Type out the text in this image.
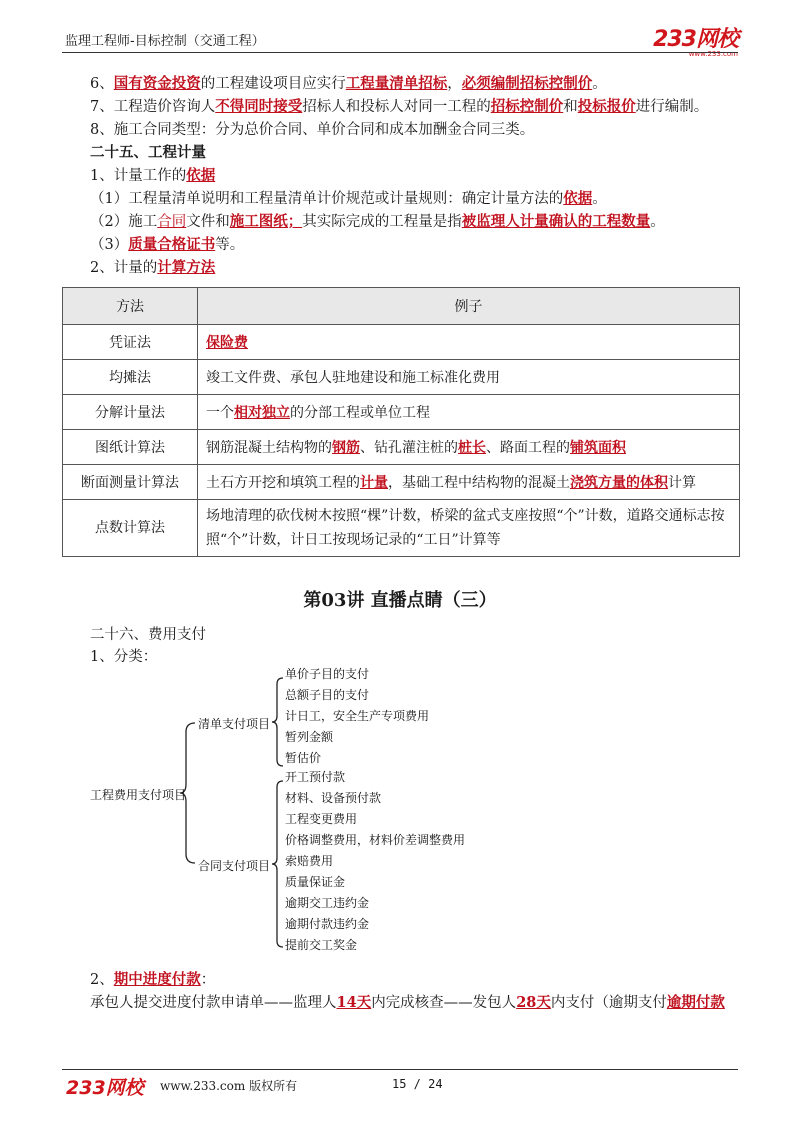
监理工程师-目标控制（交通工程）	233网校
www.233.com
6、国有资金投资的工程建设项目应实行工程量清单招标，必须编制招标控制价。
7、工程造价咨询人不得同时接受招标人和投标人对同一工程的招标控制价和投标报价进行编制。
8、施工合同类型：分为总价合同、单价合同和成本加酬金合同三类。
二十五、工程计量
1、计量工作的依据
（1）工程量清单说明和工程量清单计价规范或计量规则：确定计量方法的依据。
（2）施工合同文件和施工图纸；其实际完成的工程量是指被监理人计量确认的工程数量。
（3）质量合格证书等。
2、计量的计算方法
方法	例子
凭证法	保险费
均摊法	竣工文件费、承包人驻地建设和施工标准化费用
分解计量法	一个相对独立的分部工程或单位工程
图纸计算法	钢筋混凝土结构物的钢筋、钻孔灌注桩的桩长、路面工程的铺筑面积
断面测量计算法	土石方开挖和填筑工程的计量，基础工程中结构物的混凝土浇筑方量的体积计算
点数计算法	场地清理的砍伐树木按照“棵”计数，桥梁的盆式支座按照“个”计数，道路交通标志按照“个”计数，计日工按现场记录的“工日”计算等
第03讲 直播点睛（三）
二十六、费用支付
1、分类：
工程费用支付项目
清单支付项目
合同支付项目
单价子目的支付
总额子目的支付
计日工，安全生产专项费用
暂列金额
暂估价
开工预付款
材料、设备预付款
工程变更费用
价格调整费用，材料价差调整费用
索赔费用
质量保证金
逾期交工违约金
逾期付款违约金
提前交工奖金
2、期中进度付款：
承包人提交进度付款申请单——监理人14天内完成核查——发包人28天内支付（逾期支付逾期付款
233网校 www.233.com 版权所有	15 / 24
